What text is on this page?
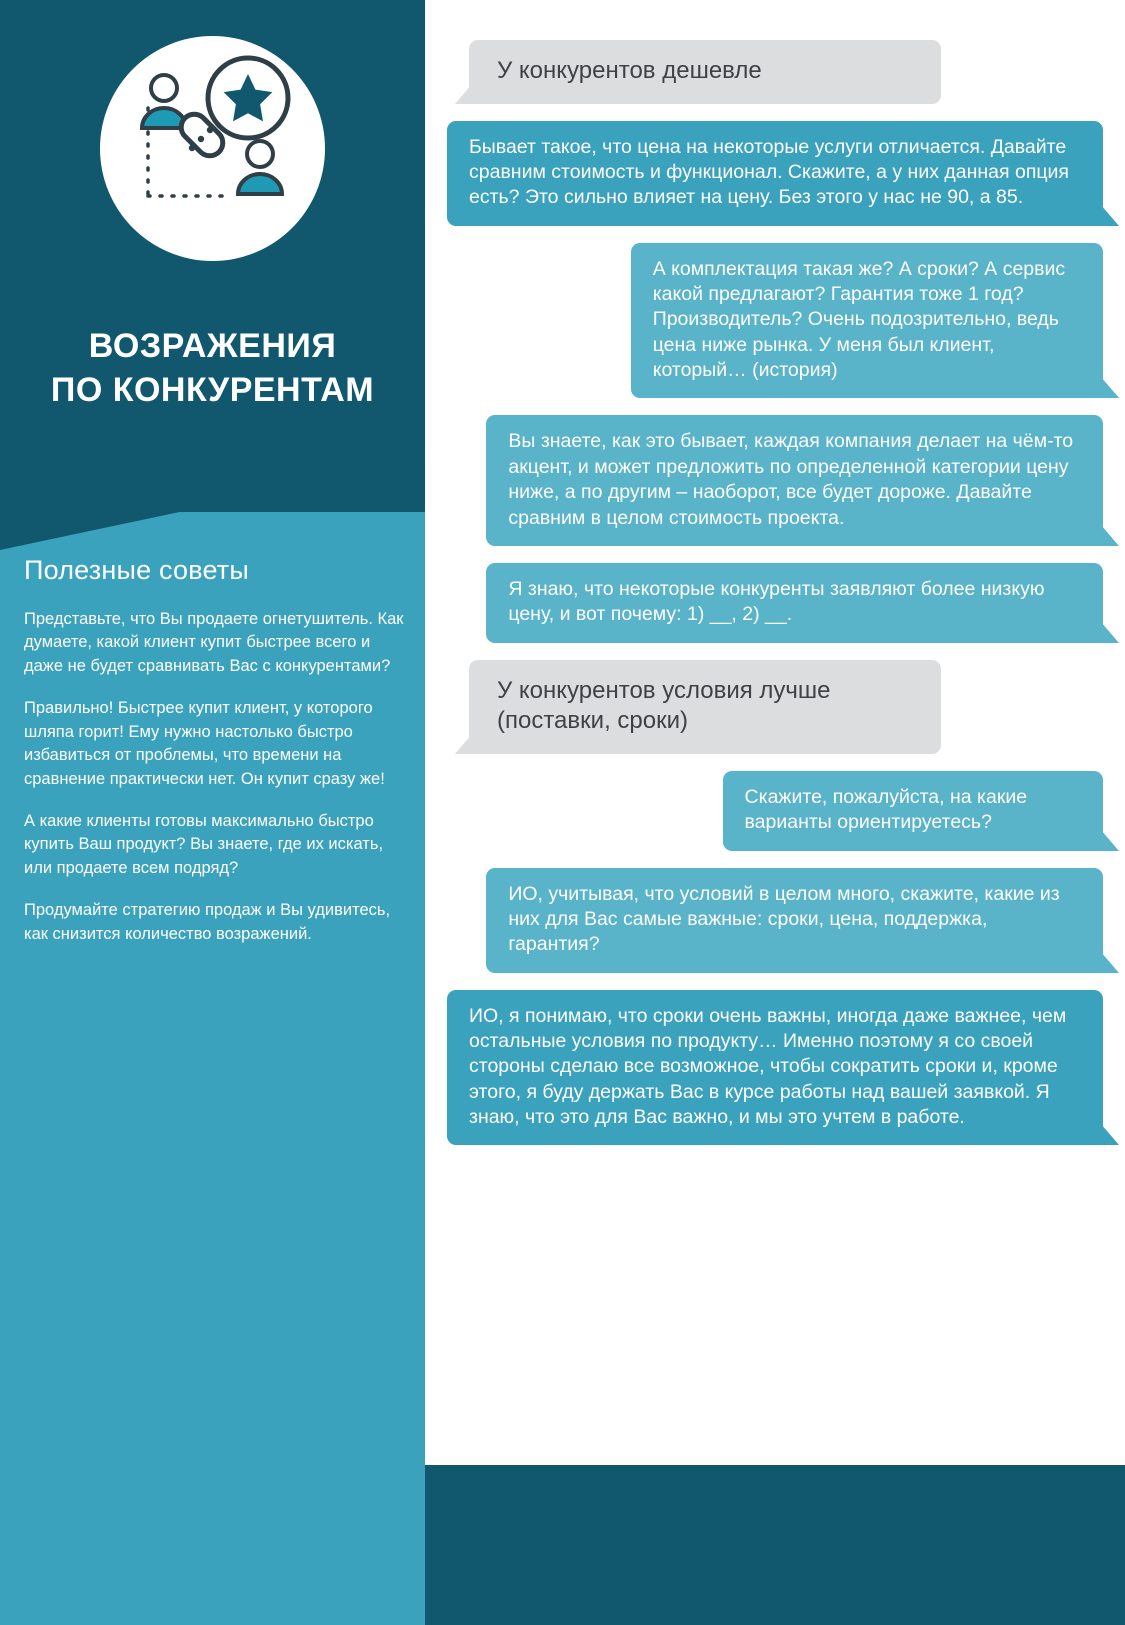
ВОЗРАЖЕНИЯ
ПО КОНКУРЕНТАМ
Полезные советы

Представьте, что Вы продаете огнетушитель. Как думаете, какой клиент купит быстрее всего и даже не будет сравнивать Вас с конкурентами?

Правильно! Быстрее купит клиент, у которого шляпа горит! Ему нужно настолько быстро избавиться от проблемы, что времени на сравнение практически нет. Он купит сразу же!

А какие клиенты готовы максимально быстро купить Ваш продукт? Вы знаете, где их искать, или продаете всем подряд?

Продумайте стратегию продаж и Вы удивитесь, как снизится количество возражений.

У конкурентов дешевле
Бывает такое, что цена на некоторые услуги отличается. Давайте сравним стоимость и функционал. Скажите, а у них данная опция есть? Это сильно влияет на цену. Без этого у нас не 90, а 85.
А комплектация такая же? А сроки? А сервис какой предлагают? Гарантия тоже 1 год? Производитель? Очень подозрительно, ведь цена ниже рынка. У меня был клиент, который… (история)
Вы знаете, как это бывает, каждая компания делает на чём-то акцент, и может предложить по определенной категории цену ниже, а по другим – наоборот, все будет дороже. Давайте сравним в целом стоимость проекта.
Я знаю, что некоторые конкуренты заявляют более низкую цену, и вот почему: 1) __, 2) __.
У конкурентов условия лучше (поставки, сроки)
Скажите, пожалуйста, на какие варианты ориентируетесь?
ИО, учитывая, что условий в целом много, скажите, какие из них для Вас самые важные: сроки, цена, поддержка, гарантия?
ИО, я понимаю, что сроки очень важны, иногда даже важнее, чем остальные условия по продукту… Именно поэтому я со своей стороны сделаю все возможное, чтобы сократить сроки и, кроме этого, я буду держать Вас в курсе работы над вашей заявкой. Я знаю, что это для Вас важно, и мы это учтем в работе.
